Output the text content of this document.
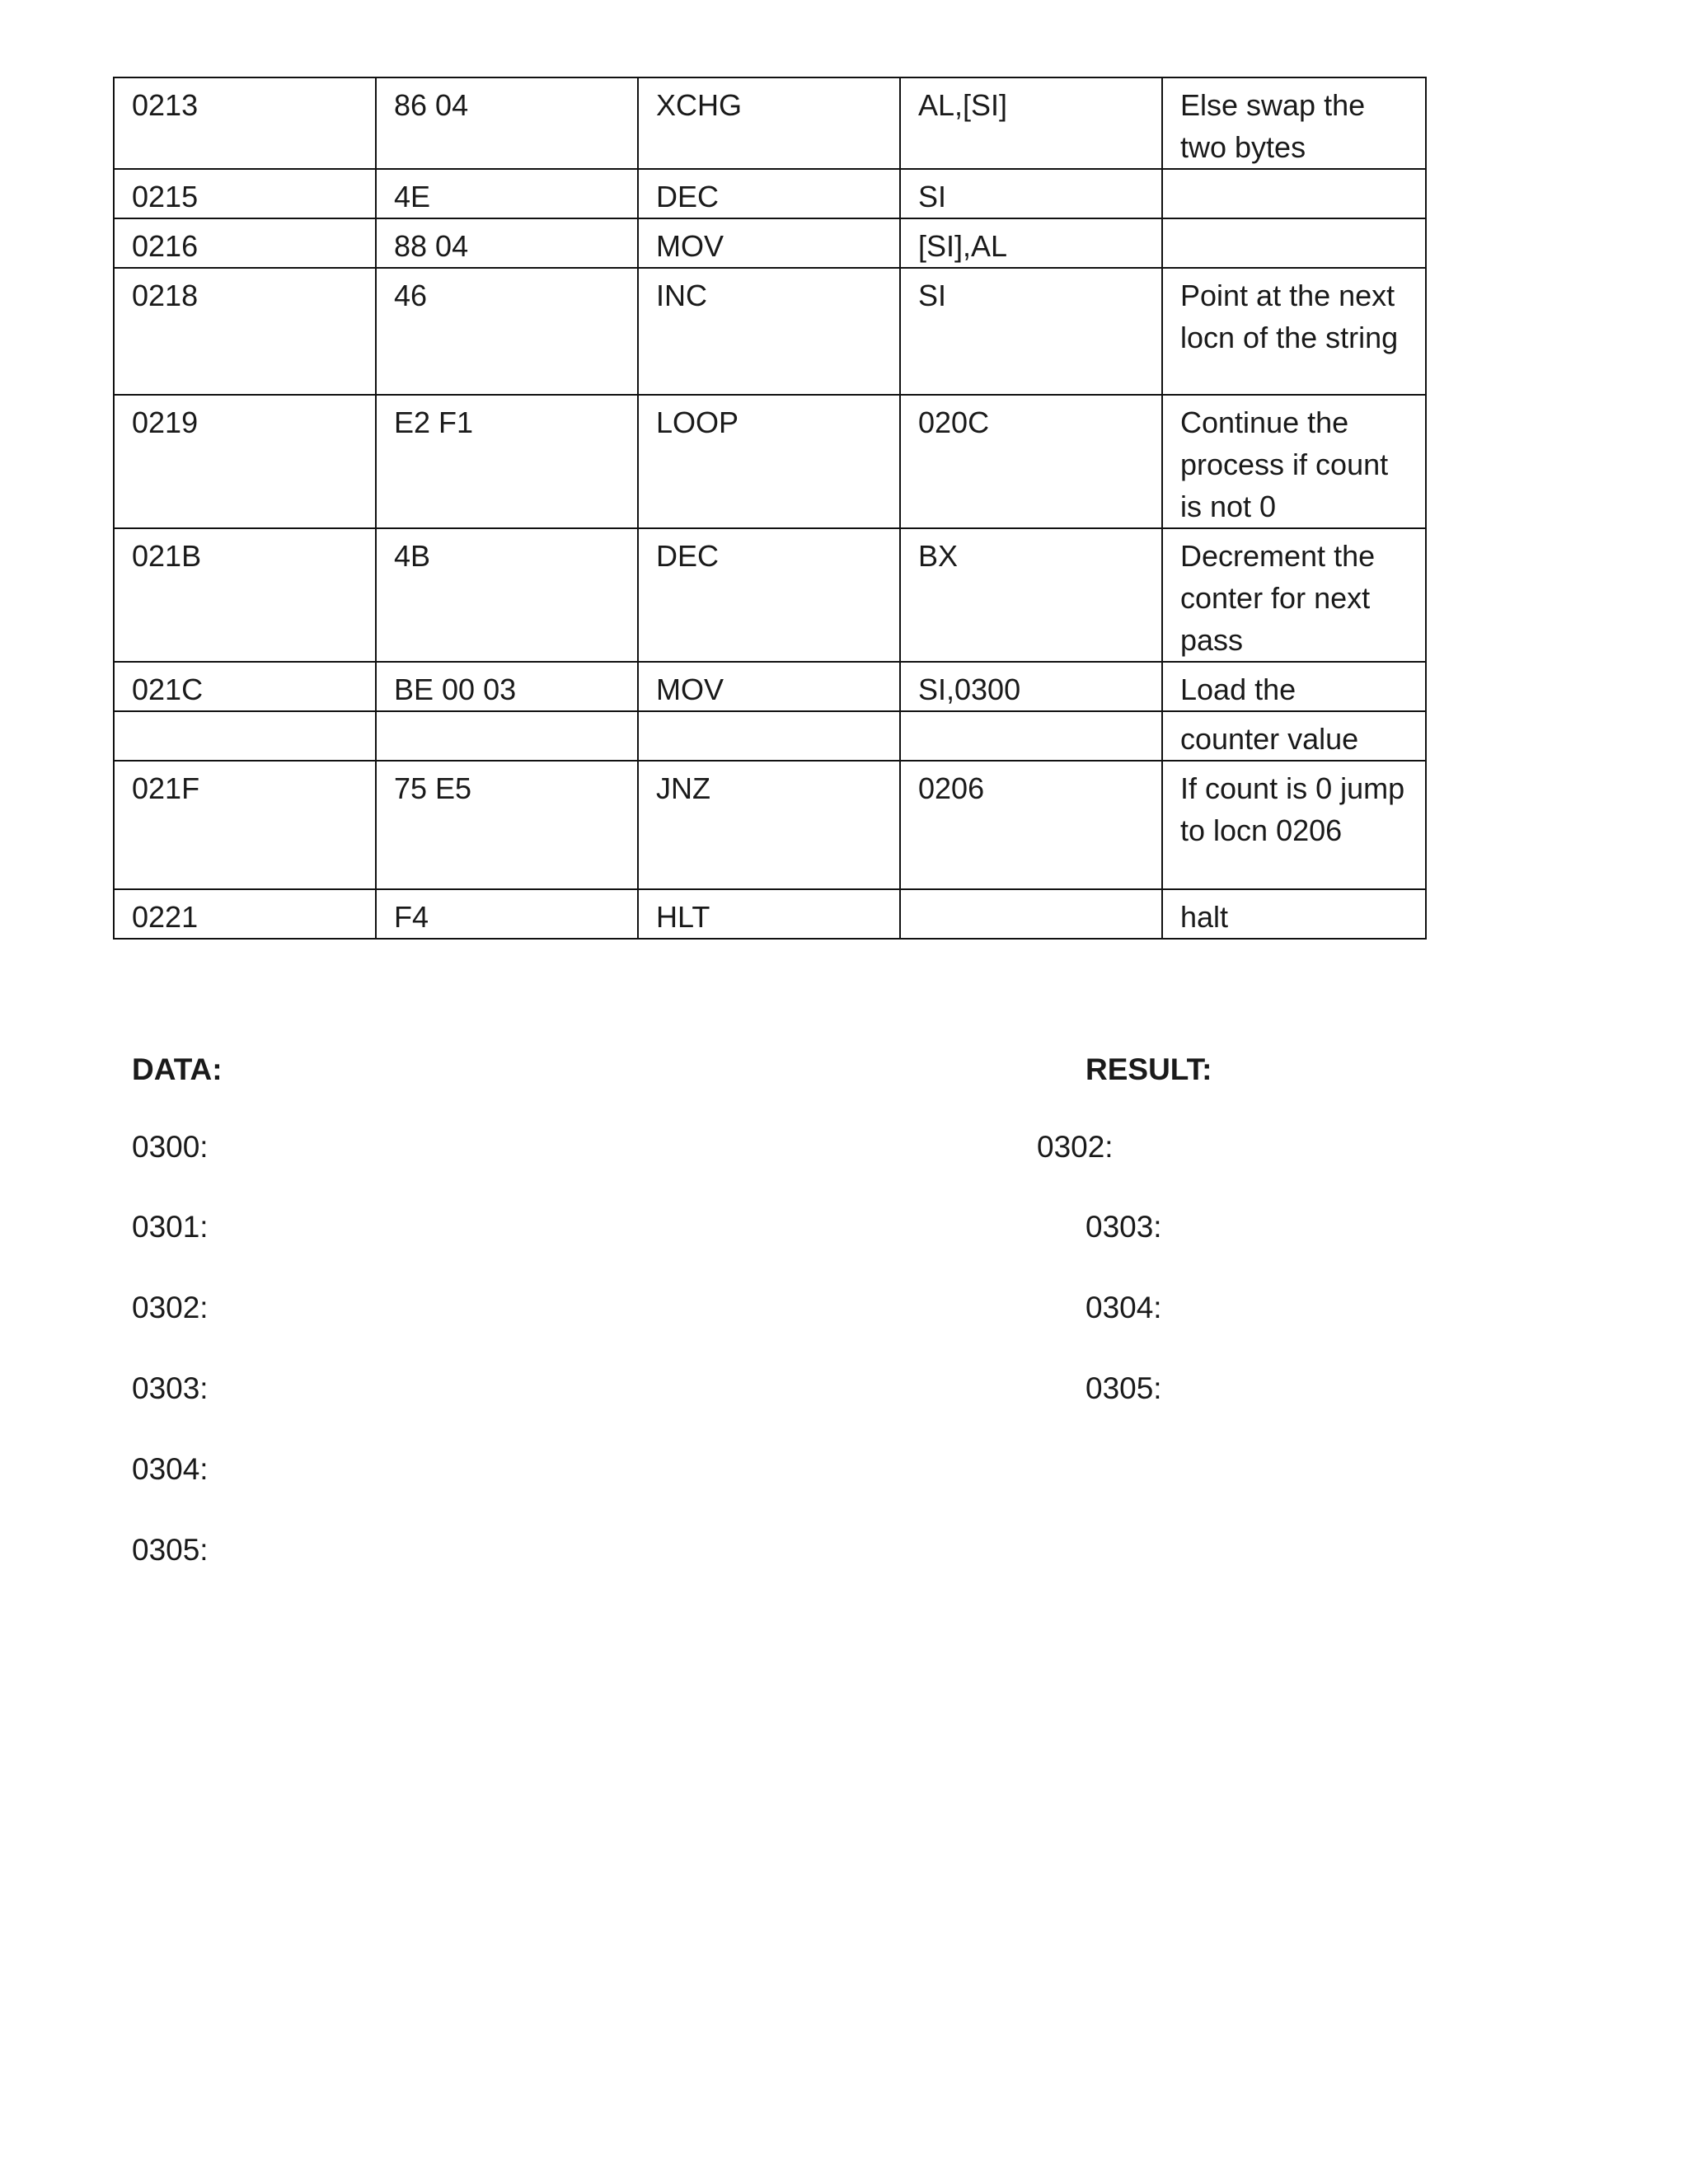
0213	86 04	XCHG	AL,[SI]	Else swap the two bytes
0215	4E	DEC	SI	
0216	88 04	MOV	[SI],AL	
0218	46	INC	SI	Point at the next locn of the string
0219	E2 F1	LOOP	020C	Continue the process if count is not 0
021B	4B	DEC	BX	Decrement the conter for next pass
021C	BE 00 03	MOV	SI,0300	Load the
				counter value
021F	75 E5	JNZ	0206	If count is 0 jump to locn 0206
0221	F4	HLT		halt
DATA:
0300:
0301:
0302:
0303:
0304:
0305:
RESULT:
0302:
0303:
0304:
0305:
